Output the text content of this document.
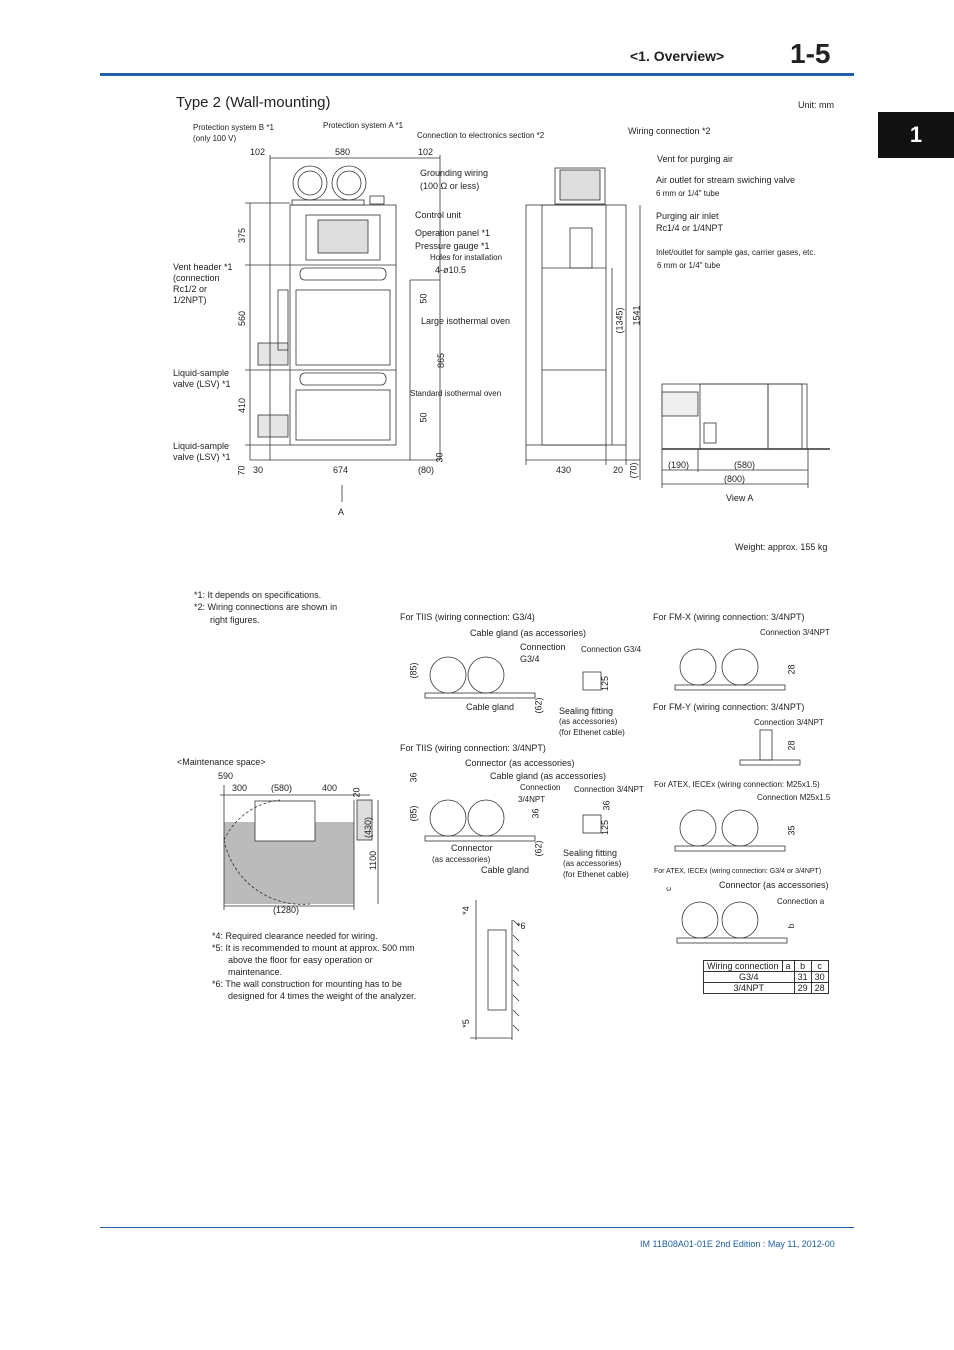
<1. Overview> 1-5
1
Type 2 (Wall-mounting)	Unit: mm
Protection system B *1
(only 100 V)
Protection system A *1
Connection to electronics section *2	Wiring connection *2
Vent for purging air
Air outlet for stream swiching valve
6 mm or 1/4" tube
Purging air inlet
Rc1/4 or 1/4NPT
Inlet/outlet for sample gas, carrier gases, etc.
6 mm or 1/4" tube
Grounding wiring
(100 Ω or less)
Control unit
Operation panel *1
Pressure gauge *1
Holes for installation
4-ø10.5
Vent header *1
(connection
Rc1/2 or
1/2NPT)
Large isothermal oven
Standard isothermal oven
Liquid-sample
valve (LSV) *1
Liquid-sample
valve (LSV) *1
View A
A
102	580	102
375
560
410
70 30	674	(80)
50
865
50
30
430	20 (70)
(1345) 1541
(190)	(580)
(800)
Weight: approx. 155 kg
*1: It depends on specifications.
*2: Wiring connections are shown in
right figures.
<Maintenance space>
590
300	(580)	400 20
(430)
1100
(1280)
*4: Required clearance needed for wiring.
*5: It is recommended to mount at approx. 500 mm
above the floor for easy operation or
maintenance.
*6: The wall construction for mounting has to be
designed for 4 times the weight of the analyzer.
*4
*5
*6
For TIIS (wiring connection: G3/4)
Cable gland (as accessories)
Connection
G3/4
Connection G3/4
(85)
(62)
125
Cable gland	Sealing fitting
(as accessories)
(for Ethenet cable)
For TIIS (wiring connection: 3/4NPT)
Connector (as accessories)
Cable gland (as accessories)
Connection
3/4NPT
Connection 3/4NPT
36
(85)	36
(62)
36
125
Connector
(as accessories)
Cable gland
Sealing fitting
(as accessories)
(for Ethenet cable)
For FM-X (wiring connection: 3/4NPT)
Connection 3/4NPT
28
For FM-Y (wiring connection: 3/4NPT)
Connection 3/4NPT
28
For ATEX, IECEx (wiring connection: M25x1.5)
Connection M25x1.5
35
For ATEX, IECEx (wiring connection: G3/4 or 3/4NPT)
Connector (as accessories)
Connection a
c
b
Wiring connection	a	b	c
G3/4		31	30
3/4NPT		29	28
IM 11B08A01-01E 2nd Edition : May 11, 2012-00
